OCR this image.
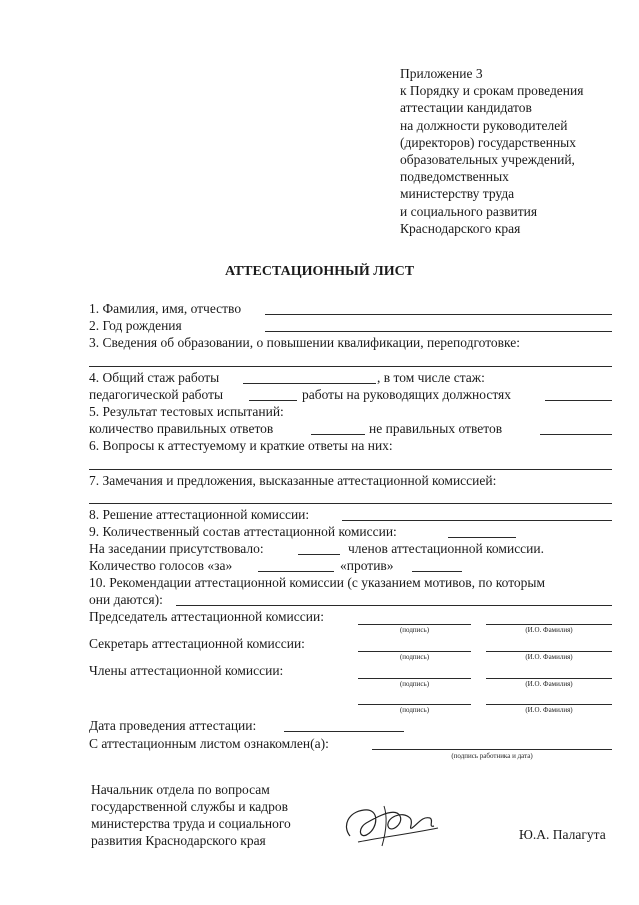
Приложение 3
к Порядку и срокам проведения
аттестации кандидатов
на должности руководителей
(директоров) государственных
образовательных учреждений,
подведомственных
министерству труда
и социального развития
Краснодарского края
АТТЕСТАЦИОННЫЙ ЛИСТ
1. Фамилия, имя, отчество
2. Год рождения
3. Сведения об образовании, о повышении квалификации, переподготовке:
4. Общий стаж работы	, в том числе стаж:
педагогической работы	работы на руководящих должностях
5. Результат тестовых испытаний:
количество правильных ответов	не правильных ответов
6. Вопросы к аттестуемому и краткие ответы на них:
7. Замечания и предложения, высказанные аттестационной комиссией:
8. Решение аттестационной комиссии:
9. Количественный состав аттестационной комиссии:
На заседании присутствовало:	членов аттестационной комиссии.
Количество голосов «за»	«против»
10. Рекомендации аттестационной комиссии (с указанием мотивов, по которым
они даются):
Председатель аттестационной комиссии:
(подпись)	(И.О. Фамилия)
Секретарь аттестационной комиссии:
(подпись)	(И.О. Фамилия)
Члены аттестационной комиссии:
(подпись)	(И.О. Фамилия)
(подпись)	(И.О. Фамилия)
Дата проведения аттестации:
С аттестационным листом ознакомлен(а):
(подпись работника и дата)
Начальник отдела по вопросам
государственной службы и кадров
министерства труда и социального
развития Краснодарского края	Ю.А. Палагута
